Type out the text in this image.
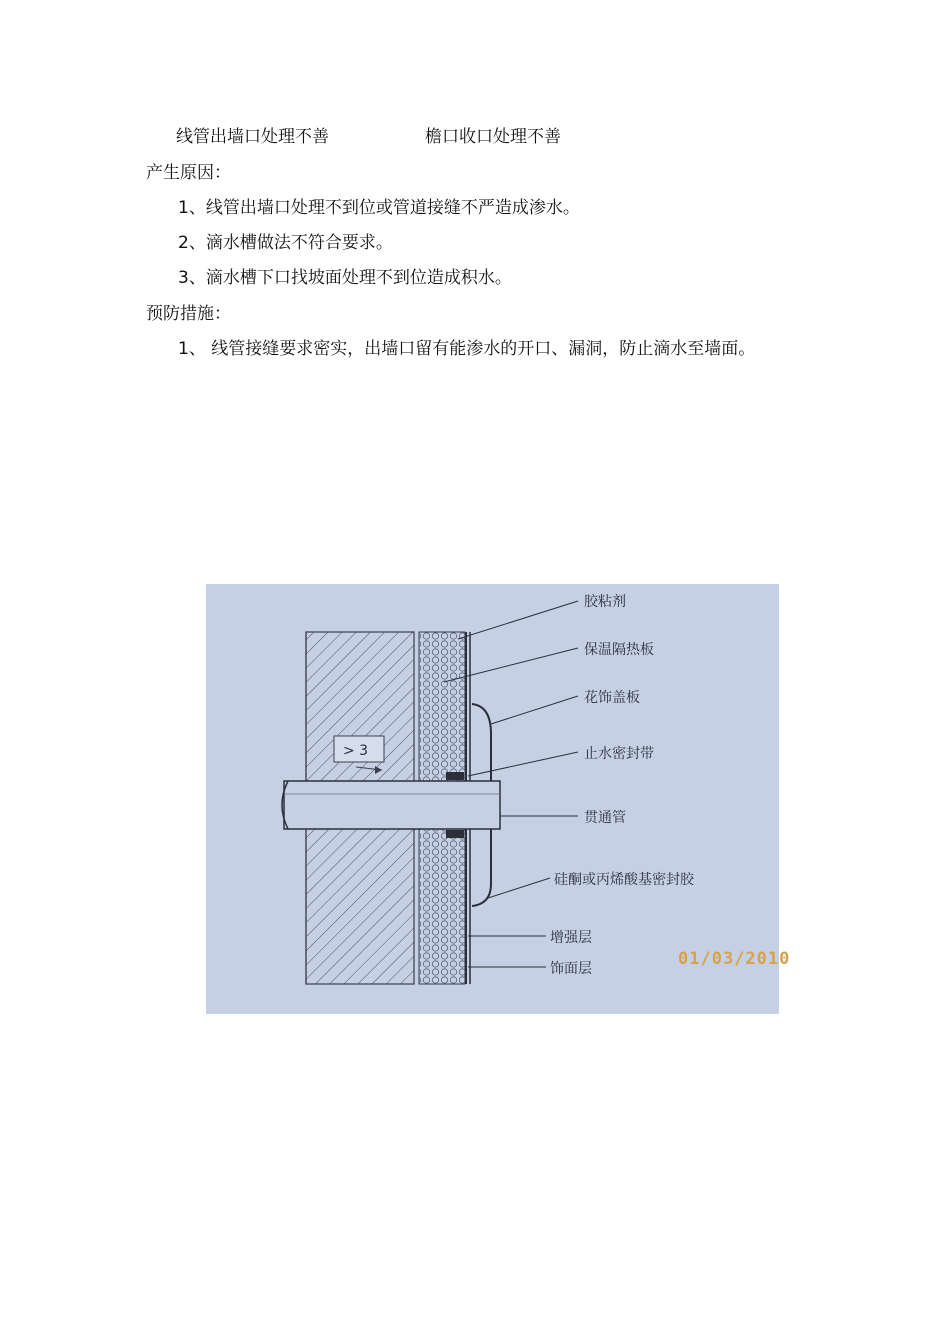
线管出墙口处理不善	檐口收口处理不善
产生原因：
1、线管出墙口处理不到位或管道接缝不严造成渗水。
2、滴水槽做法不符合要求。
3、滴水槽下口找坡面处理不到位造成积水。
预防措施：
1、 线管接缝要求密实，出墙口留有能渗水的开口、漏洞，防止滴水至墙面。
> 3
胶粘剂
保温隔热板
花饰盖板
止水密封带
贯通管
硅酮或丙烯酸基密封胶
增强层
饰面层	01/03/2010
